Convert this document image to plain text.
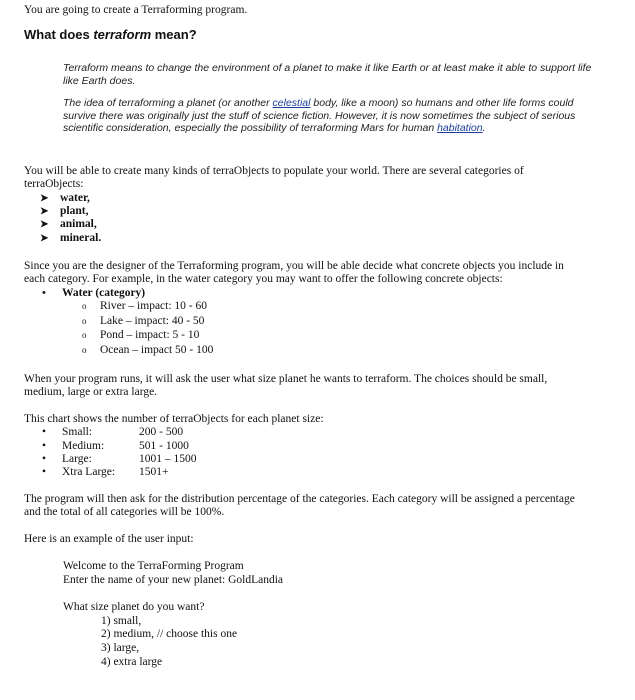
You are going to create a Terraforming program.
What does terraform mean?
Terraform means to change the environment of a planet to make it like Earth or at least make it able to support life like Earth does.
The idea of terraforming a planet (or another celestial body, like a moon) so humans and other life forms could survive there was originally just the stuff of science fiction. However, it is now sometimes the subject of serious scientific consideration, especially the possibility of terraforming Mars for human habitation.
You will be able to create many kinds of terraObjects to populate your world. There are several categories of terraObjects:
➤ water,
➤ plant,
➤ animal,
➤ mineral.
Since you are the designer of the Terraforming program, you will be able decide what concrete objects you include in each category. For example, in the water category you may want to offer the following concrete objects:
• Water (category)
o River – impact: 10 - 60
o Lake – impact: 40 - 50
o Pond – impact: 5 - 10
o Ocean – impact 50 - 100
When your program runs, it will ask the user what size planet he wants to terraform. The choices should be small, medium, large or extra large.
This chart shows the number of terraObjects for each planet size:
• Small:	200 - 500
• Medium:	501 - 1000
• Large:	1001 – 1500
• Xtra Large: 1501+
The program will then ask for the distribution percentage of the categories. Each category will be assigned a percentage and the total of all categories will be 100%.
Here is an example of the user input:
Welcome to the TerraForming Program
Enter the name of your new planet: GoldLandia
What size planet do you want?
1) small,
2) medium, // choose this one
3) large,
4) extra large
